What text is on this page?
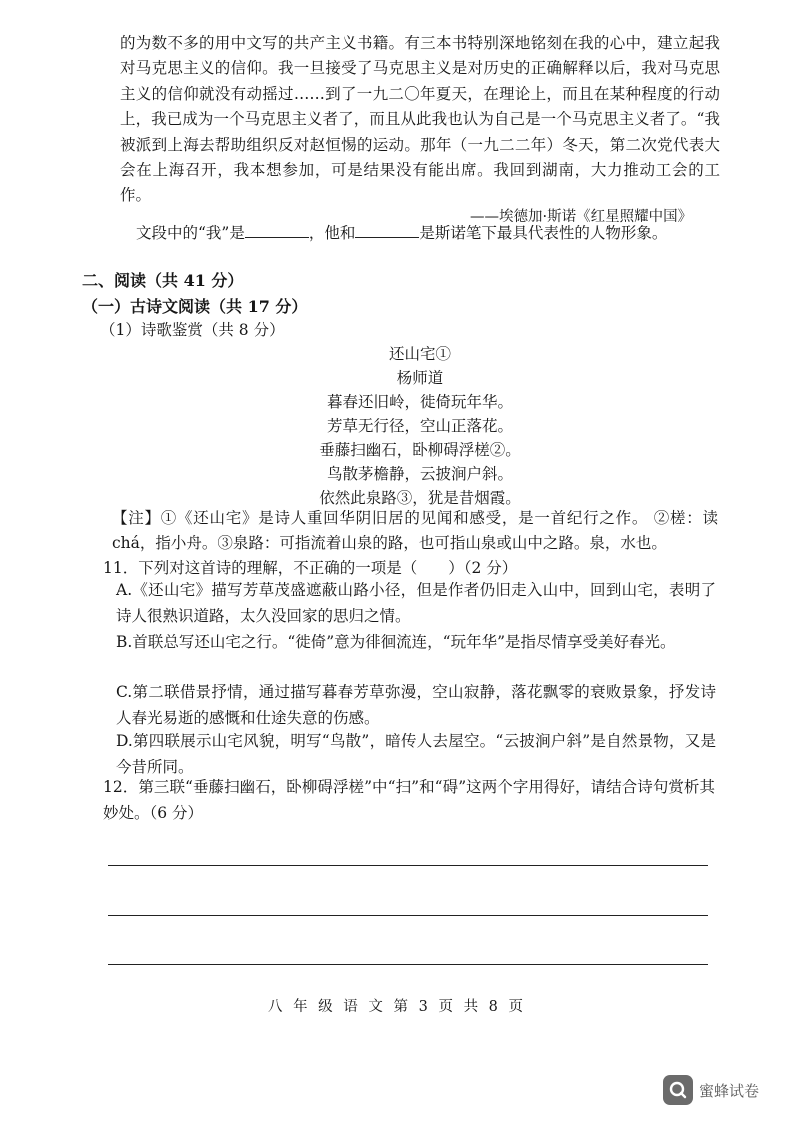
的为数不多的用中文写的共产主义书籍。有三本书特别深地铭刻在我的心中，建立起我对马克思主义的信仰。我一旦接受了马克思主义是对历史的正确解释以后，我对马克思主义的信仰就没有动摇过……到了一九二〇年夏天，在理论上，而且在某种程度的行动上，我已成为一个马克思主义者了，而且从此我也认为自己是一个马克思主义者了。“我被派到上海去帮助组织反对赵恒惕的运动。那年（一九二二年）冬天，第二次党代表大会在上海召开，我本想参加，可是结果没有能出席。我回到湖南，大力推动工会的工作。
——埃德加·斯诺《红星照耀中国》
文段中的“我”是	，他和	是斯诺笔下最具代表性的人物形象。
二、阅读（共 41 分）
（一）古诗文阅读（共 17 分）
（1）诗歌鉴赏（共 8 分）
还山宅①
杨师道
暮春还旧岭，徙倚玩年华。
芳草无行径，空山正落花。
垂藤扫幽石，卧柳碍浮槎②。
鸟散茅檐静，云披涧户斜。
依然此泉路③，犹是昔烟霞。
【注】①《还山宅》是诗人重回华阴旧居的见闻和感受，是一首纪行之作。 ②槎：读 chá，指小舟。③泉路：可指流着山泉的路，也可指山泉或山中之路。泉，水也。
11．下列对这首诗的理解，不正确的一项是（　　）（2 分）
A.《还山宅》描写芳草茂盛遮蔽山路小径，但是作者仍旧走入山中，回到山宅，表明了诗人很熟识道路，太久没回家的思归之情。
B.首联总写还山宅之行。“徙倚”意为徘徊流连，“玩年华”是指尽情享受美好春光。
C.第二联借景抒情，通过描写暮春芳草弥漫，空山寂静，落花飘零的衰败景象，抒发诗人春光易逝的感慨和仕途失意的伤感。
D.第四联展示山宅风貌，明写“鸟散”，暗传人去屋空。“云披涧户斜”是自然景物，又是今昔所同。
12．第三联“垂藤扫幽石，卧柳碍浮槎”中“扫”和“碍”这两个字用得好，请结合诗句赏析其妙处。（6 分）
八 年 级 语 文 第 3 页 共 8 页
蜜蜂试卷
